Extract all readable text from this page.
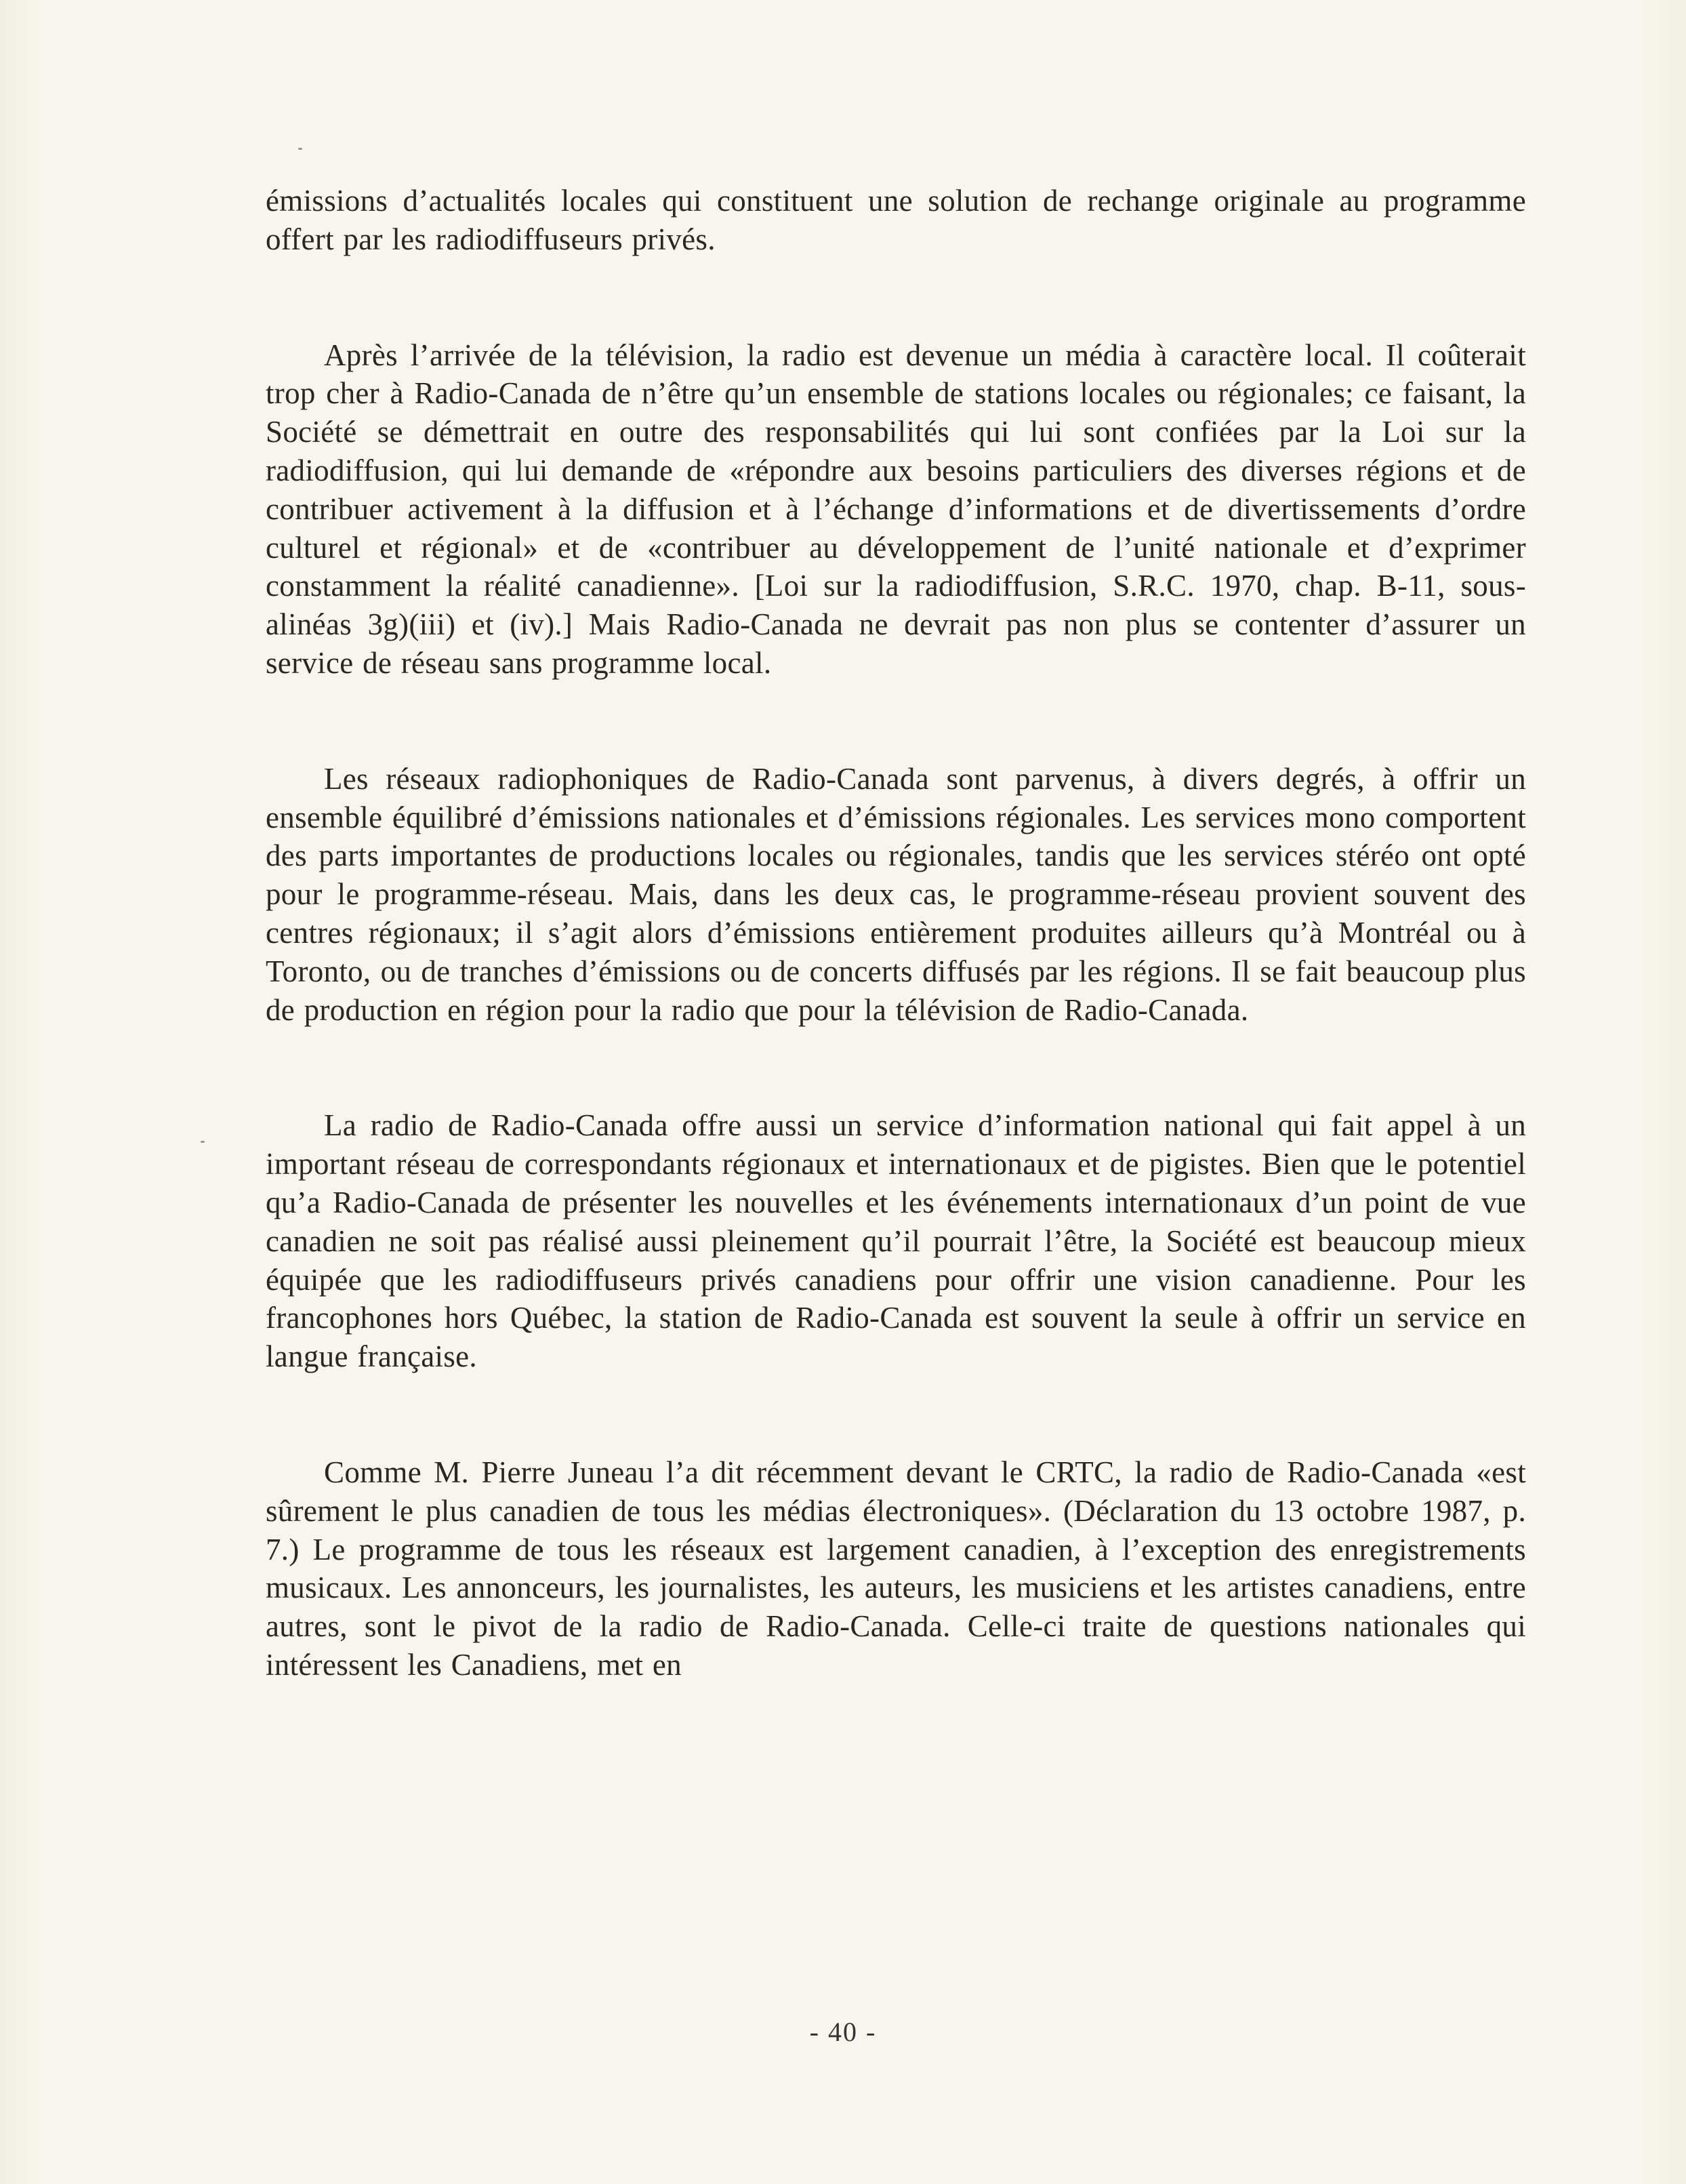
émissions d’actualités locales qui constituent une solution de rechange originale au programme offert par les radiodiffuseurs privés.

Après l’arrivée de la télévision, la radio est devenue un média à caractère local. Il coûterait trop cher à Radio-Canada de n’être qu’un ensemble de stations locales ou régionales; ce faisant, la Société se démettrait en outre des responsabilités qui lui sont confiées par la Loi sur la radiodiffusion, qui lui demande de «répondre aux besoins particuliers des diverses régions et de contribuer activement à la diffusion et à l’échange d’informations et de divertissements d’ordre culturel et régional» et de «contribuer au développement de l’unité nationale et d’exprimer constamment la réalité canadienne». [Loi sur la radiodiffusion, S.R.C. 1970, chap. B-11, sous-alinéas 3g)(iii) et (iv).] Mais Radio-Canada ne devrait pas non plus se contenter d’assurer un service de réseau sans programme local.

Les réseaux radiophoniques de Radio-Canada sont parvenus, à divers degrés, à offrir un ensemble équilibré d’émissions nationales et d’émissions régionales. Les services mono comportent des parts importantes de productions locales ou régionales, tandis que les services stéréo ont opté pour le programme-réseau. Mais, dans les deux cas, le programme-réseau provient souvent des centres régionaux; il s’agit alors d’émissions entièrement produites ailleurs qu’à Montréal ou à Toronto, ou de tranches d’émissions ou de concerts diffusés par les régions. Il se fait beaucoup plus de production en région pour la radio que pour la télévision de Radio-Canada.

La radio de Radio-Canada offre aussi un service d’information national qui fait appel à un important réseau de correspondants régionaux et internationaux et de pigistes. Bien que le potentiel qu’a Radio-Canada de présenter les nouvelles et les événements internationaux d’un point de vue canadien ne soit pas réalisé aussi pleinement qu’il pourrait l’être, la Société est beaucoup mieux équipée que les radiodiffuseurs privés canadiens pour offrir une vision canadienne. Pour les francophones hors Québec, la station de Radio-Canada est souvent la seule à offrir un service en langue française.

Comme M. Pierre Juneau l’a dit récemment devant le CRTC, la radio de Radio-Canada «est sûrement le plus canadien de tous les médias électroniques». (Déclaration du 13 octobre 1987, p. 7.) Le programme de tous les réseaux est largement canadien, à l’exception des enregistrements musicaux. Les annonceurs, les journalistes, les auteurs, les musiciens et les artistes canadiens, entre autres, sont le pivot de la radio de Radio-Canada. Celle-ci traite de questions nationales qui intéressent les Canadiens, met en

- 40 -
